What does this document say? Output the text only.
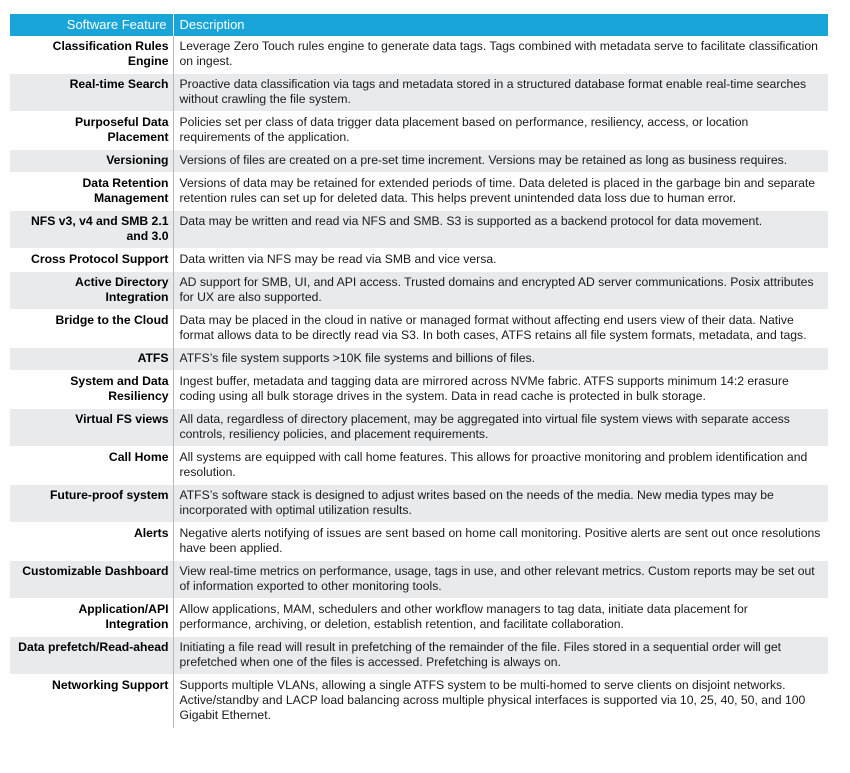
Software Feature	Description
Classification Rules Engine	Leverage Zero Touch rules engine to generate data tags. Tags combined with metadata serve to facilitate classification on ingest.
Real-time Search	Proactive data classification via tags and metadata stored in a structured database format enable real-time searches without crawling the file system.
Purposeful Data Placement	Policies set per class of data trigger data placement based on performance, resiliency, access, or location requirements of the application.
Versioning	Versions of files are created on a pre-set time increment. Versions may be retained as long as business requires.
Data Retention Management	Versions of data may be retained for extended periods of time. Data deleted is placed in the garbage bin and separate retention rules can set up for deleted data. This helps prevent unintended data loss due to human error.
NFS v3, v4 and SMB 2.1 and 3.0	Data may be written and read via NFS and SMB. S3 is supported as a backend protocol for data movement.
Cross Protocol Support	Data written via NFS may be read via SMB and vice versa.
Active Directory Integration	AD support for SMB, UI, and API access. Trusted domains and encrypted AD server communications. Posix attributes for UX are also supported.
Bridge to the Cloud	Data may be placed in the cloud in native or managed format without affecting end users view of their data. Native format allows data to be directly read via S3. In both cases, ATFS retains all file system formats, metadata, and tags.
ATFS	ATFS’s file system supports >10K file systems and billions of files.
System and Data Resiliency	Ingest buffer, metadata and tagging data are mirrored across NVMe fabric. ATFS supports minimum 14:2 erasure coding using all bulk storage drives in the system. Data in read cache is protected in bulk storage.
Virtual FS views	All data, regardless of directory placement, may be aggregated into virtual file system views with separate access controls, resiliency policies, and placement requirements.
Call Home	All systems are equipped with call home features. This allows for proactive monitoring and problem identification and resolution.
Future-proof system	ATFS’s software stack is designed to adjust writes based on the needs of the media. New media types may be incorporated with optimal utilization results.
Alerts	Negative alerts notifying of issues are sent based on home call monitoring. Positive alerts are sent out once resolutions have been applied.
Customizable Dashboard	View real-time metrics on performance, usage, tags in use, and other relevant metrics. Custom reports may be set out of information exported to other monitoring tools.
Application/API Integration	Allow applications, MAM, schedulers and other workflow managers to tag data, initiate data placement for performance, archiving, or deletion, establish retention, and facilitate collaboration.
Data prefetch/Read-ahead	Initiating a file read will result in prefetching of the remainder of the file. Files stored in a sequential order will get prefetched when one of the files is accessed. Prefetching is always on.
Networking Support	Supports multiple VLANs, allowing a single ATFS system to be multi-homed to serve clients on disjoint networks. Active/standby and LACP load balancing across multiple physical interfaces is supported via 10, 25, 40, 50, and 100 Gigabit Ethernet.
